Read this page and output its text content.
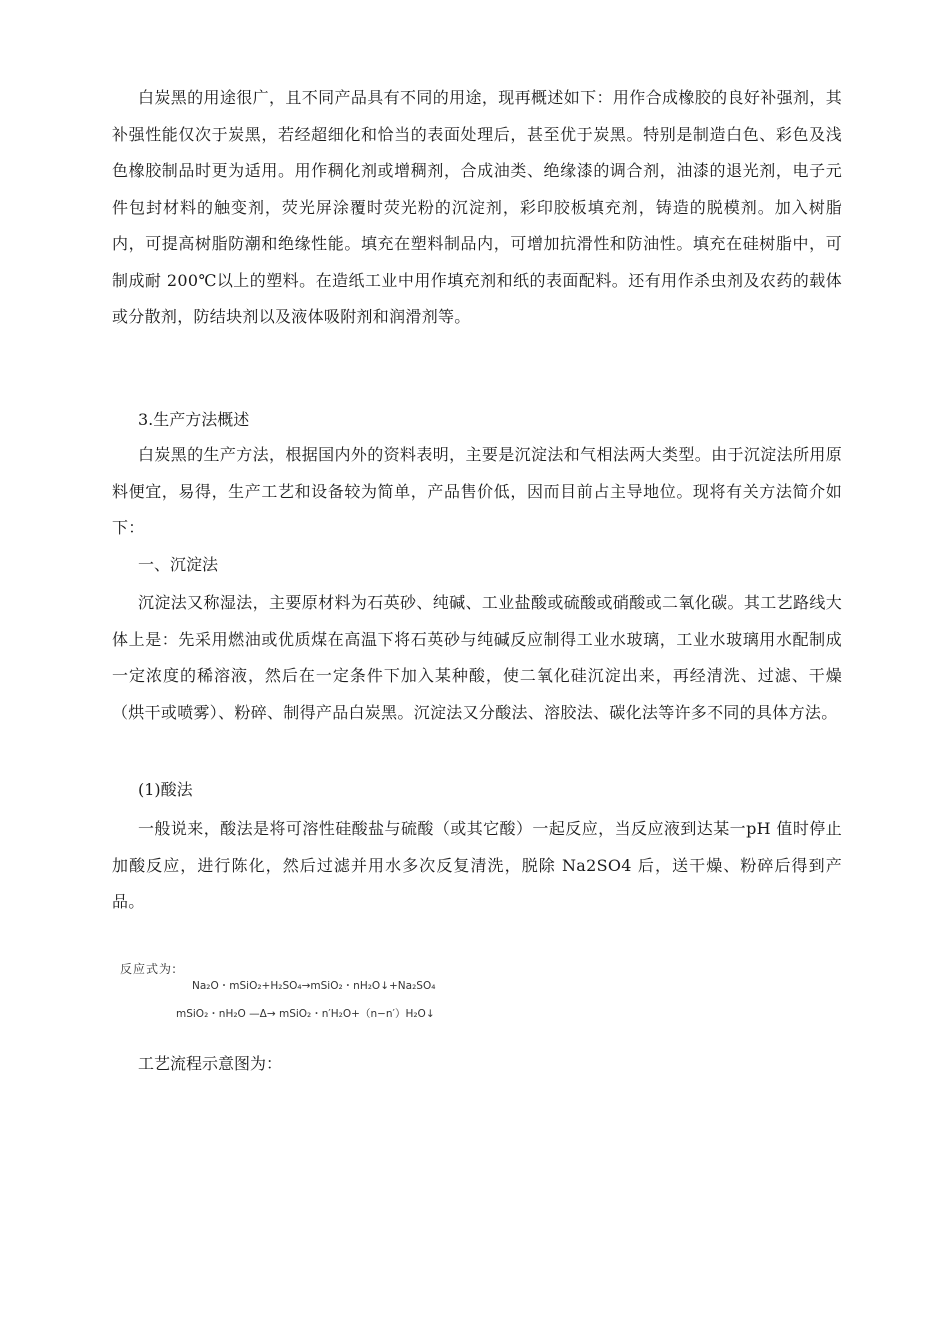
白炭黑的用途很广，且不同产品具有不同的用途，现再概述如下：用作合成橡胶的良好补强剂，其补强性能仅次于炭黑，若经超细化和恰当的表面处理后，甚至优于炭黑。特别是制造白色、彩色及浅色橡胶制品时更为适用。用作稠化剂或增稠剂，合成油类、绝缘漆的调合剂，油漆的退光剂，电子元件包封材料的触变剂，荧光屏涂覆时荧光粉的沉淀剂，彩印胶板填充剂，铸造的脱模剂。加入树脂内，可提高树脂防潮和绝缘性能。填充在塑料制品内，可增加抗滑性和防油性。填充在硅树脂中，可制成耐 200℃以上的塑料。在造纸工业中用作填充剂和纸的表面配料。还有用作杀虫剂及农药的载体或分散剂，防结块剂以及液体吸附剂和润滑剂等。

3.生产方法概述

白炭黑的生产方法，根据国内外的资料表明，主要是沉淀法和气相法两大类型。由于沉淀法所用原料便宜，易得，生产工艺和设备较为简单，产品售价低，因而目前占主导地位。现将有关方法简介如下：

一、沉淀法

沉淀法又称湿法，主要原材料为石英砂、纯碱、工业盐酸或硫酸或硝酸或二氧化碳。其工艺路线大体上是：先采用燃油或优质煤在高温下将石英砂与纯碱反应制得工业水玻璃，工业水玻璃用水配制成一定浓度的稀溶液，然后在一定条件下加入某种酸，使二氧化硅沉淀出来，再经清洗、过滤、干燥（烘干或喷雾）、粉碎、制得产品白炭黑。沉淀法又分酸法、溶胶法、碳化法等许多不同的具体方法。

(1)酸法

一般说来，酸法是将可溶性硅酸盐与硫酸（或其它酸）一起反应，当反应液到达某一pH 值时停止加酸反应，进行陈化，然后过滤并用水多次反复清洗，脱除 Na2SO4 后，送干燥、粉碎后得到产品。

反应式为:
Na₂O・mSiO₂+H₂SO₄→mSiO₂・nH₂O↓+Na₂SO₄
mSiO₂・nH₂O —Δ→ mSiO₂・n′H₂O+（n−n′）H₂O↓
工艺流程示意图为：
